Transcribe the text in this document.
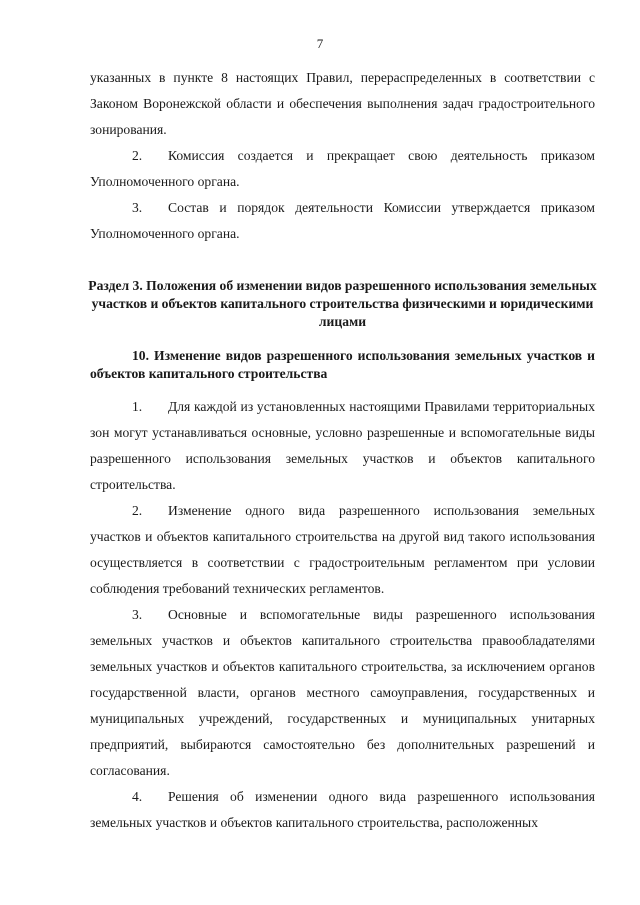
7

указанных в пункте 8 настоящих Правил, перераспределенных в соответствии с Законом Воронежской области и обеспечения выполнения задач градостроительного зонирования.

2. Комиссия создается и прекращает свою деятельность приказом Уполномоченного органа.

3. Состав и порядок деятельности Комиссии утверждается приказом Уполномоченного органа.

Раздел 3. Положения об изменении видов разрешенного использования земельных участков и объектов капитального строительства физическими и юридическими лицами

10. Изменение видов разрешенного использования земельных участков и объектов капитального строительства

1. Для каждой из установленных настоящими Правилами территориальных зон могут устанавливаться основные, условно разрешенные и вспомогательные виды разрешенного использования земельных участков и объектов капитального строительства.

2. Изменение одного вида разрешенного использования земельных участков и объектов капитального строительства на другой вид такого использования осуществляется в соответствии с градостроительным регламентом при условии соблюдения требований технических регламентов.

3. Основные и вспомогательные виды разрешенного использования земельных участков и объектов капитального строительства правообладателями земельных участков и объектов капитального строительства, за исключением органов государственной власти, органов местного самоуправления, государственных и муниципальных учреждений, государственных и муниципальных унитарных предприятий, выбираются самостоятельно без дополнительных разрешений и согласования.

4. Решения об изменении одного вида разрешенного использования земельных участков и объектов капитального строительства, расположенных
